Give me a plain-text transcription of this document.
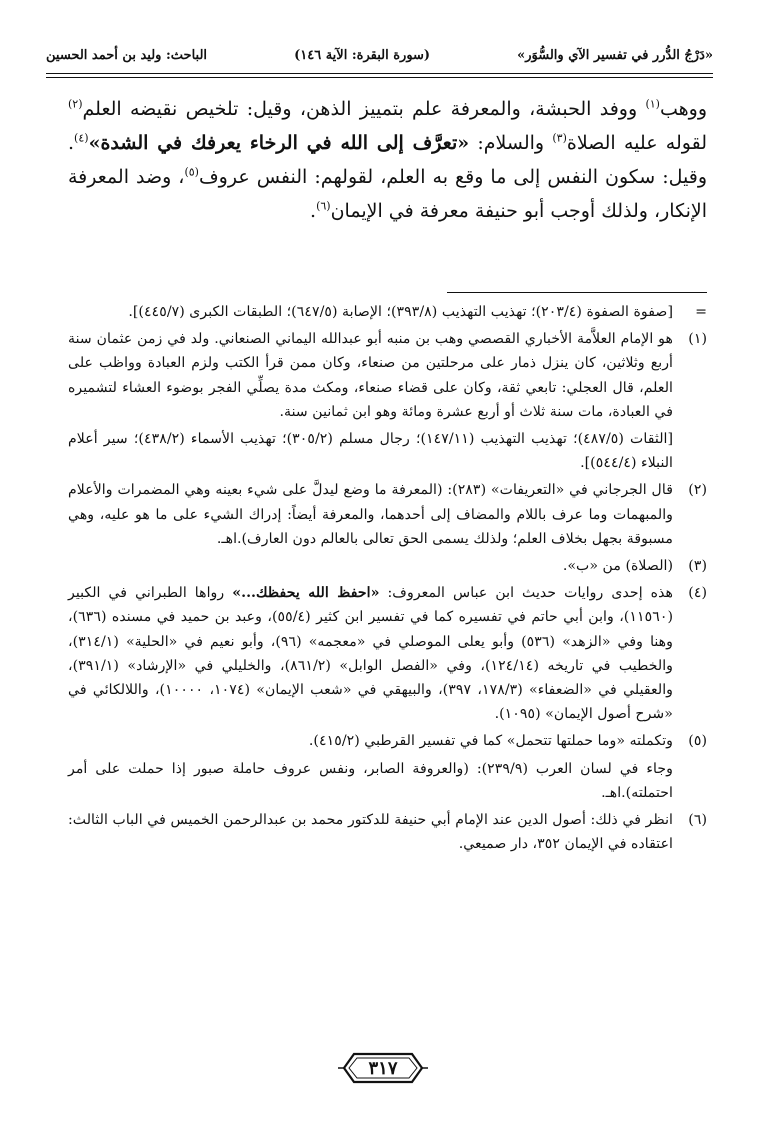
«دَرْجُ الدُّرر في تفسير الآي والسُّوَر»
(سورة البقرة: الآية ١٤٦)
الباحث: وليد بن أحمد الحسين

ووهب$^{(١)}$ ووفد الحبشة، والمعرفة علم بتمييز الذهن، وقيل: تلخيص نقيضه العلم$^{(٢)}$ لقوله عليه الصلاة$^{(٣)}$ والسلام: «تعرَّف إلى الله في الرخاء يعرفك في الشدة»$^{(٤)}$. وقيل: سكون النفس إلى ما وقع به العلم، لقولهم: النفس عروف$^{(٥)}$، وضد المعرفة الإنكار، ولذلك أوجب أبو حنيفة معرفة في الإيمان$^{(٦)}$.

=

[صفوة الصفوة (٢٠٣/٤)؛ تهذيب التهذيب (٣٩٣/٨)؛ الإصابة (٦٤٧/٥)؛ الطبقات الكبرى (٤٤٥/٧)].

(١)

هو الإمام العلاَّمة الأخباري القصصي وهب بن منبه أبو عبدالله اليماني الصنعاني. ولد في زمن عثمان سنة أربع وثلاثين، كان ينزل ذمار على مرحلتين من صنعاء، وكان ممن قرأ الكتب ولزم العبادة وواظب على العلم، قال العجلي: تابعي ثقة، وكان على قضاء صنعاء، ومكث مدة يصلِّي الفجر بوضوء العشاء لتشميره في العبادة، مات سنة ثلاث أو أربع عشرة ومائة وهو ابن ثمانين سنة.

[الثقات (٤٨٧/٥)؛ تهذيب التهذيب (١٤٧/١١)؛ رجال مسلم (٣٠٥/٢)؛ تهذيب الأسماء (٤٣٨/٢)؛ سير أعلام النبلاء (٥٤٤/٤)].

(٢)

قال الجرجاني في «التعريفات» (٢٨٣): (المعرفة ما وضع ليدلَّ على شيء بعينه وهي المضمرات والأعلام والمبهمات وما عرف باللام والمضاف إلى أحدهما، والمعرفة أيضاً: إدراك الشيء على ما هو عليه، وهي مسبوقة بجهل بخلاف العلم؛ ولذلك يسمى الحق تعالى بالعالم دون العارف).اهـ.

(٣)

(الصلاة) من «ب».

(٤)

هذه إحدى روايات حديث ابن عباس المعروف: «احفظ الله يحفظك...» رواها الطبراني في الكبير (١١٥٦٠)، وابن أبي حاتم في تفسيره كما في تفسير ابن كثير (٥٥/٤)، وعبد بن حميد في مسنده (٦٣٦)، وهنا وفي «الزهد» (٥٣٦) وأبو يعلى الموصلي في «معجمه» (٩٦)، وأبو نعيم في «الحلية» (٣١٤/١)، والخطيب في تاريخه (١٢٤/١٤)، وفي «الفصل الوابل» (٨٦١/٢)، والخليلي في «الإرشاد» (٣٩١/١)، والعقيلي في «الضعفاء» (١٧٨/٣، ٣٩٧)، والبيهقي في «شعب الإيمان» (١٠٧٤، ١٠٠٠٠)، واللالكائي في «شرح أصول الإيمان» (١٠٩٥).

(٥)

وتكملته «وما حملتها تتحمل» كما في تفسير القرطبي (٤١٥/٢).

وجاء في لسان العرب (٢٣٩/٩): (والعروفة الصابر، ونفس عروف حاملة صبور إذا حملت على أمر احتملته).اهـ.

(٦)

انظر في ذلك: أصول الدين عند الإمام أبي حنيفة للدكتور محمد بن عبدالرحمن الخميس في الباب الثالث: اعتقاده في الإيمان ٣٥٢، دار صميعي.

٣١٧
